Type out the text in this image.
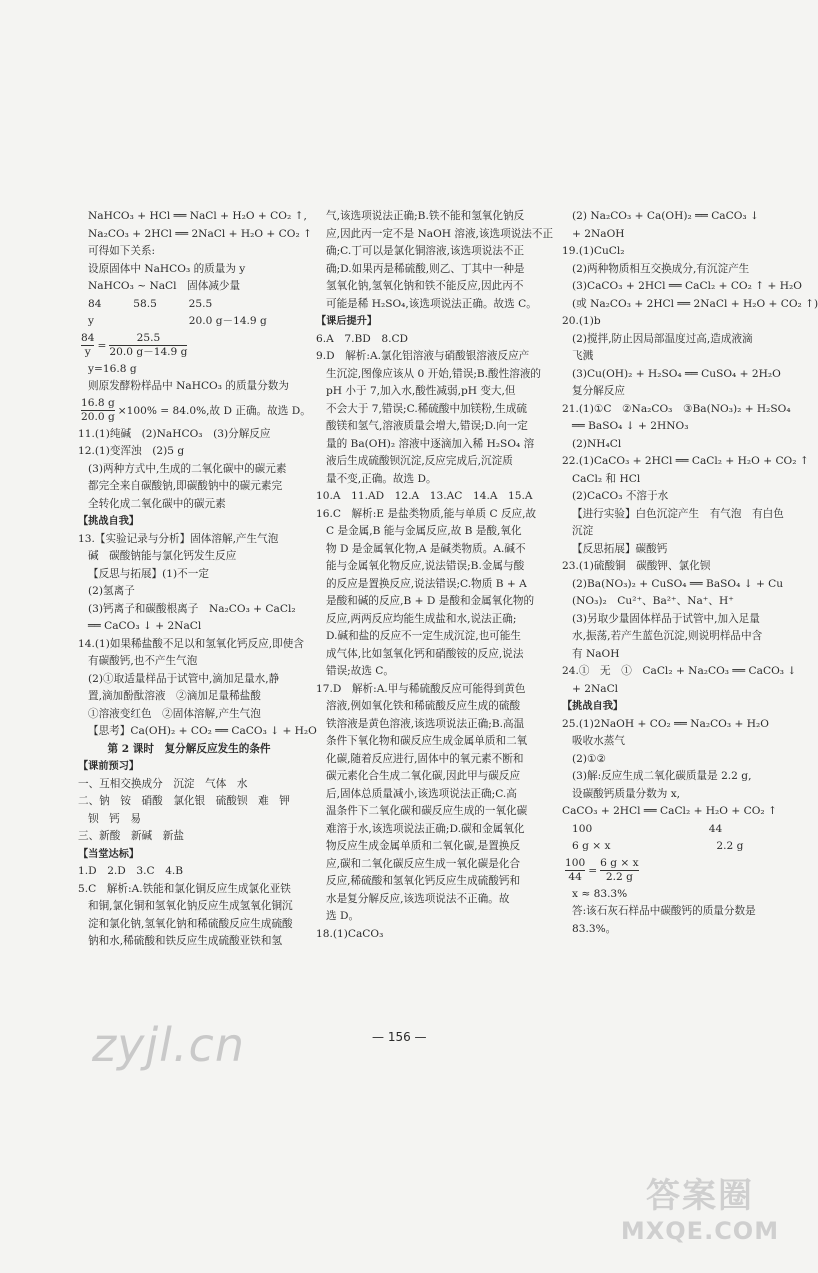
NaHCO₃ + HCl ══ NaCl + H₂O + CO₂ ↑,
Na₂CO₃ + 2HCl ══ 2NaCl + H₂O + CO₂ ↑
可得如下关系:
设原固体中 NaHCO₃ 的质量为 y
NaHCO₃ ~ NaCl　固体减少量
84　　　58.5　　　25.5
y	20.0 g－14.9 g
$\frac{84}{y} = \frac{25.5}{20.0 g-14.9 g}$
y=16.8 g
则原发酵粉样品中 NaHCO₃ 的质量分数为
$\frac{16.8 g}{20.0 g} \times 100\% = 84.0\%$,故 D 正确。故选 D。
11.(1)纯碱　(2)NaHCO₃　(3)分解反应
12.(1)变浑浊　(2)5 g
(3)两种方式中,生成的二氧化碳中的碳元素
都完全来自碳酸钠,即碳酸钠中的碳元素完
全转化成二氧化碳中的碳元素
【挑战自我】
13.【实验记录与分析】固体溶解,产生气泡
碱　碳酸钠能与氯化钙发生反应
【反思与拓展】(1)不一定
(2)氢离子
(3)钙离子和碳酸根离子　Na₂CO₃ + CaCl₂
══ CaCO₃ ↓ + 2NaCl
14.(1)如果稀盐酸不足以和氢氧化钙反应,即使含
有碳酸钙,也不产生气泡
(2)①取适量样品于试管中,滴加足量水,静
置,滴加酚酞溶液　②滴加足量稀盐酸
①溶液变红色　②固体溶解,产生气泡
【思考】Ca(OH)₂ + CO₂ ══ CaCO₃ ↓ + H₂O
第 2 课时　复分解反应发生的条件
【课前预习】
一、互相交换成分　沉淀　气体　水
二、钠　铵　硝酸　氯化银　硫酸钡　难　钾
钡　钙　易
三、新酸　新碱　新盐
【当堂达标】
1.D　2.D　3.C　4.B
5.C　解析:A.铁能和氯化铜反应生成氯化亚铁
和铜,氯化铜和氢氧化钠反应生成氢氧化铜沉
淀和氯化钠,氢氧化钠和稀硫酸反应生成硫酸
钠和水,稀硫酸和铁反应生成硫酸亚铁和氢
气,该选项说法正确;B.铁不能和氢氧化钠反
应,因此丙一定不是 NaOH 溶液,该选项说法不正
确;C.丁可以是氯化铜溶液,该选项说法不正
确;D.如果丙是稀硫酸,则乙、丁其中一种是
氢氧化钠,氢氧化钠和铁不能反应,因此丙不
可能是稀 H₂SO₄,该选项说法正确。故选 C。
【课后提升】
6.A　7.BD　8.CD
9.D　解析:A.氯化铝溶液与硝酸银溶液反应产
生沉淀,图像应该从 0 开始,错误;B.酸性溶液的
pH 小于 7,加入水,酸性减弱,pH 变大,但
不会大于 7,错误;C.稀硫酸中加镁粉,生成硫
酸镁和氢气,溶液质量会增大,错误;D.向一定
量的 Ba(OH)₂ 溶液中逐滴加入稀 H₂SO₄ 溶
液后生成硫酸钡沉淀,反应完成后,沉淀质
量不变,正确。故选 D。
10.A　11.AD　12.A　13.AC　14.A　15.A
16.C　解析:E 是盐类物质,能与单质 C 反应,故
C 是金属,B 能与金属反应,故 B 是酸,氧化
物 D 是金属氧化物,A 是碱类物质。A.碱不
能与金属氧化物反应,说法错误;B.金属与酸
的反应是置换反应,说法错误;C.物质 B + A
是酸和碱的反应,B + D 是酸和金属氧化物的
反应,两两反应均能生成盐和水,说法正确;
D.碱和盐的反应不一定生成沉淀,也可能生
成气体,比如氢氧化钙和硝酸铵的反应,说法
错误;故选 C。
17.D　解析:A.甲与稀硫酸反应可能得到黄色
溶液,例如氧化铁和稀硫酸反应生成的硫酸
铁溶液是黄色溶液,该选项说法正确;B.高温
条件下氧化物和碳反应生成金属单质和二氧
化碳,随着反应进行,固体中的氧元素不断和
碳元素化合生成二氧化碳,因此甲与碳反应
后,固体总质量减小,该选项说法正确;C.高
温条件下二氧化碳和碳反应生成的一氧化碳
难溶于水,该选项说法正确;D.碳和金属氧化
物反应生成金属单质和二氧化碳,是置换反
应,碳和二氧化碳反应生成一氧化碳是化合
反应,稀硫酸和氢氧化钙反应生成硫酸钙和
水是复分解反应,该选项说法不正确。故
选 D。
18.(1)CaCO₃
(2) Na₂CO₃ + Ca(OH)₂ ══ CaCO₃ ↓
+ 2NaOH
19.(1)CuCl₂
(2)两种物质相互交换成分,有沉淀产生
(3)CaCO₃ + 2HCl ══ CaCl₂ + CO₂ ↑ + H₂O
(或 Na₂CO₃ + 2HCl ══ 2NaCl + H₂O + CO₂ ↑)
20.(1)b
(2)搅拌,防止因局部温度过高,造成液滴
飞溅
(3)Cu(OH)₂ + H₂SO₄ ══ CuSO₄ + 2H₂O
复分解反应
21.(1)①C　②Na₂CO₃　③Ba(NO₃)₂ + H₂SO₄
══ BaSO₄ ↓ + 2HNO₃
(2)NH₄Cl
22.(1)CaCO₃ + 2HCl ══ CaCl₂ + H₂O + CO₂ ↑
CaCl₂ 和 HCl
(2)CaCO₃ 不溶于水
【进行实验】白色沉淀产生　有气泡　有白色
沉淀
【反思拓展】碳酸钙
23.(1)硫酸铜　碳酸钾、氯化钡
(2)Ba(NO₃)₂ + CuSO₄ ══ BaSO₄ ↓ + Cu
(NO₃)₂　Cu²⁺、Ba²⁺、Na⁺、H⁺
(3)另取少量固体样品于试管中,加入足量
水,振荡,若产生蓝色沉淀,则说明样品中含
有 NaOH
24.①　无　①　CaCl₂ + Na₂CO₃ ══ CaCO₃ ↓
+ 2NaCl
【挑战自我】
25.(1)2NaOH + CO₂ ══ Na₂CO₃ + H₂O
吸收水蒸气
(2)①②
(3)解:反应生成二氧化碳质量是 2.2 g,
设碳酸钙质量分数为 x,
CaCO₃ + 2HCl ══ CaCl₂ + H₂O + CO₂ ↑
100　　　　　　　　　　　44
6 g × x　　　　　　　　　　2.2 g
$\frac{100}{44} = \frac{6 g \times x}{2.2 g}$
x ≈ 83.3%
答:该石灰石样品中碳酸钙的质量分数是
83.3%。
— 156 —
zyjl.cn
答案圈
MXQE.COM
